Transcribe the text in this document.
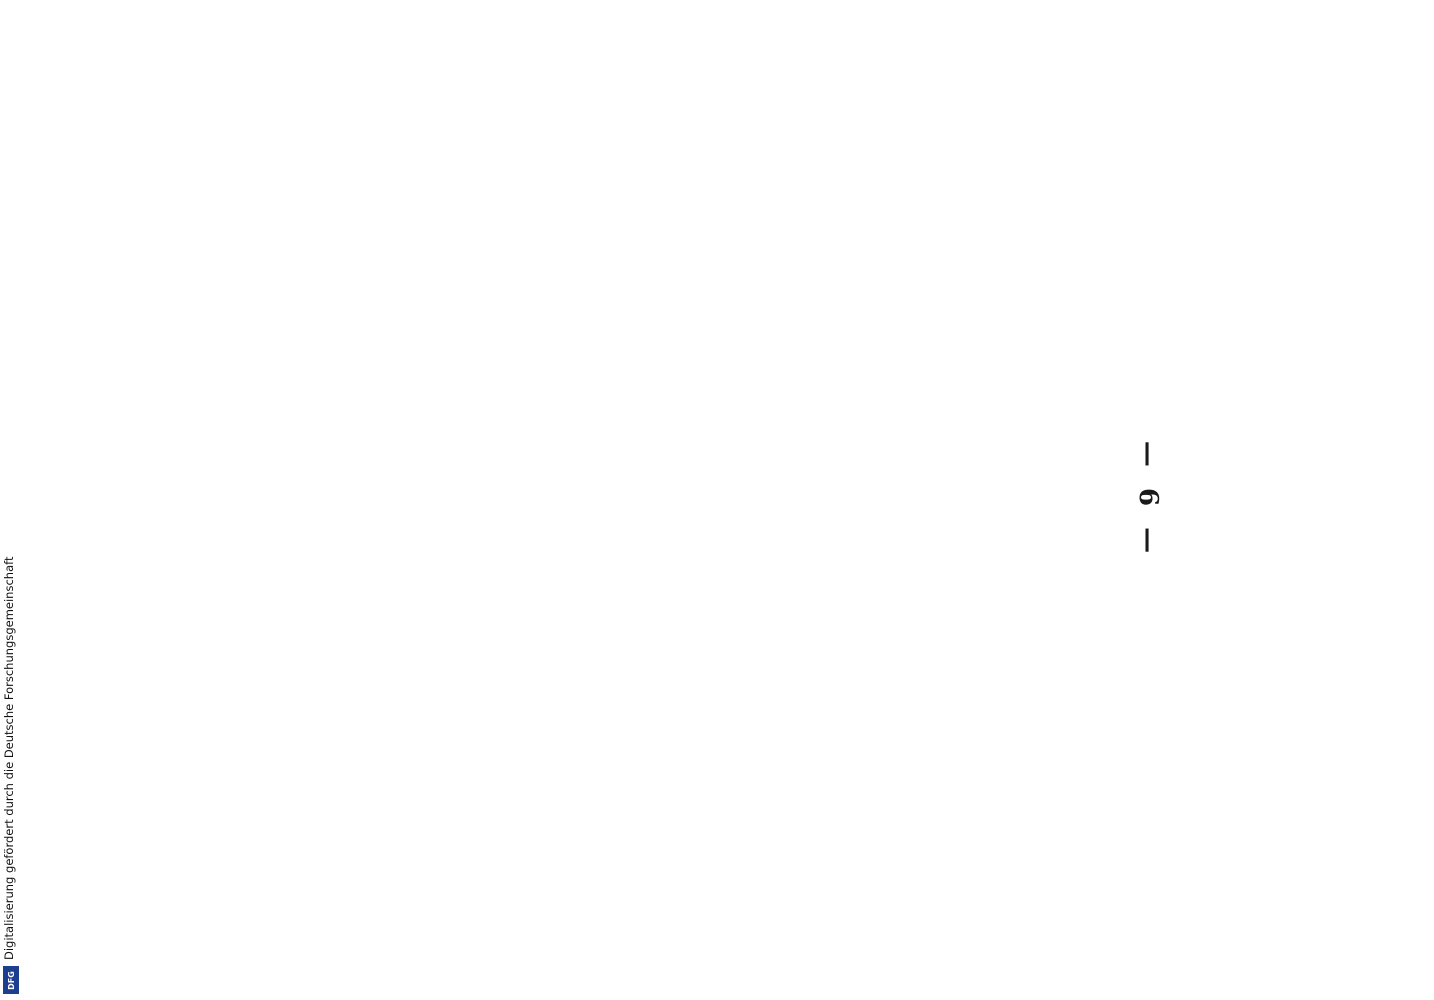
Digitalisierung gefördert durch die Deutsche Forschungsgemeinschaft
DFG
— 6 —
